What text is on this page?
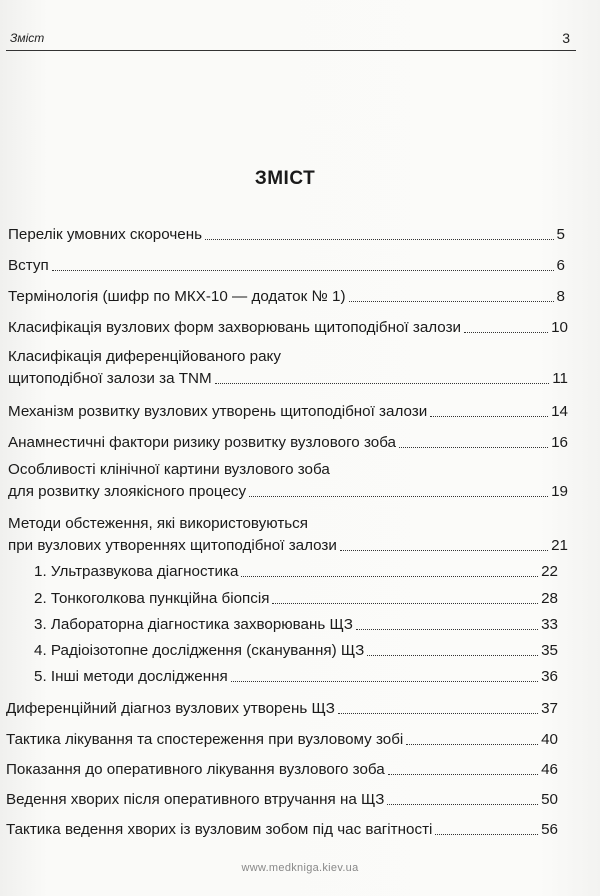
Зміст	3
ЗМІСТ
Перелік умовних скорочень	5
Вступ	6
Термінологія (шифр по МКХ-10 — додаток № 1)	8
Класифікація вузлових форм захворювань щитоподібної залози	10
Класифікація диференційованого раку
щитоподібної залози за TNM	11
Механізм розвитку вузлових утворень щитоподібної залози	14
Анамнестичні фактори ризику розвитку вузлового зоба	16
Особливості клінічної картини вузлового зоба
для розвитку злоякісного процесу	19
Методи обстеження, які використовуються
при вузлових утвореннях щитоподібної залози	21
1. Ультразвукова діагностика	22
2. Тонкоголкова пункційна біопсія	28
3. Лабораторна діагностика захворювань ЩЗ	33
4. Радіоізотопне дослідження (сканування) ЩЗ	35
5. Інші методи дослідження	36
Диференційний діагноз вузлових утворень ЩЗ	37
Тактика лікування та спостереження при вузловому зобі	40
Показання до оперативного лікування вузлового зоба	46
Ведення хворих після оперативного втручання на ЩЗ	50
Тактика ведення хворих із вузловим зобом під час вагітності	56
www.medkniga.kiev.ua
